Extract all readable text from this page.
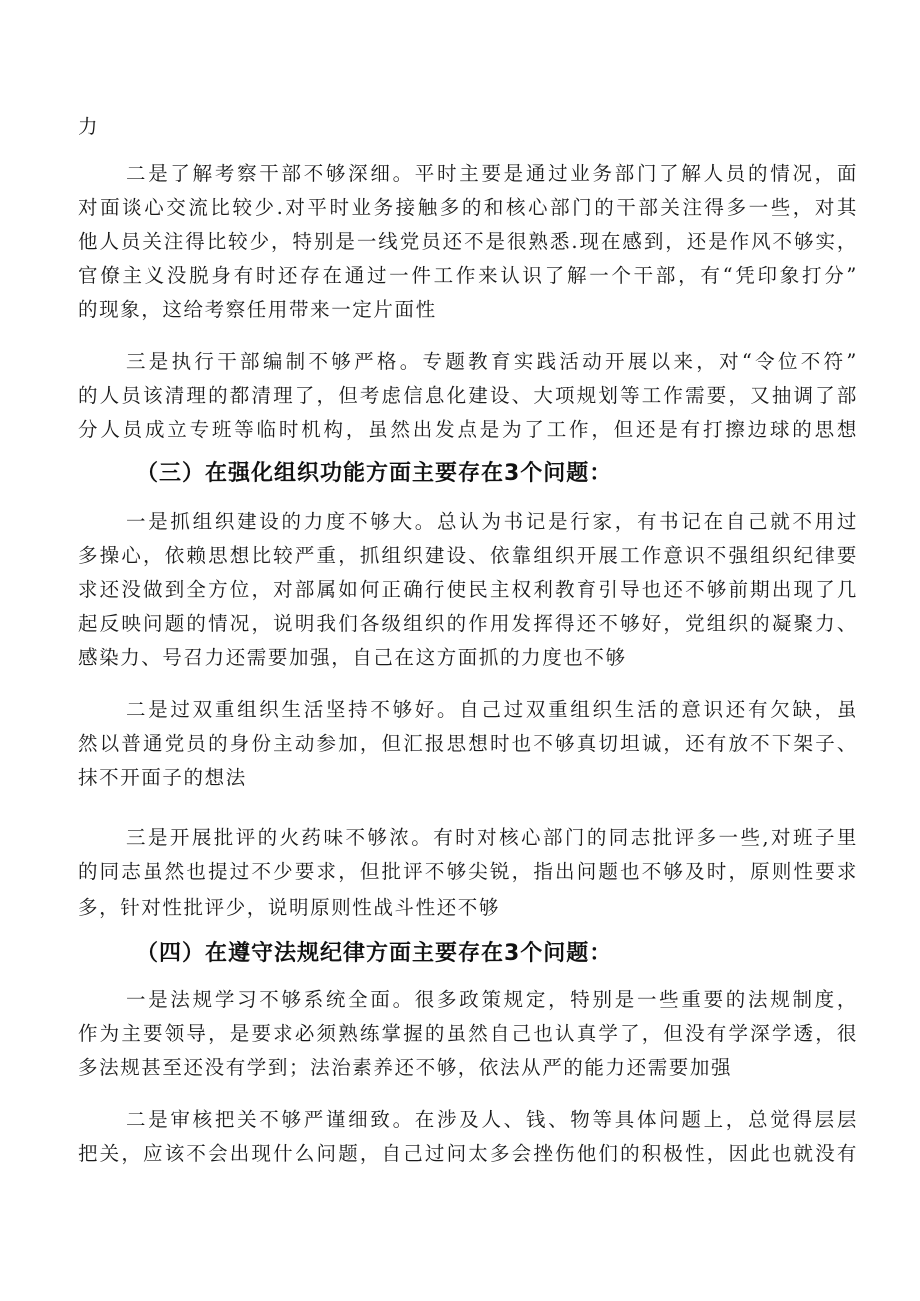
力
二是了解考察干部不够深细。平时主要是通过业务部门了解人员的情况，面
对面谈心交流比较少.对平时业务接触多的和核心部门的干部关注得多一些，对其
他人员关注得比较少，特别是一线党员还不是很熟悉.现在感到，还是作风不够实，
官僚主义没脱身有时还存在通过一件工作来认识了解一个干部，有“凭印象打分”
的现象，这给考察任用带来一定片面性
三是执行干部编制不够严格。专题教育实践活动开展以来，对“令位不符”
的人员该清理的都清理了，但考虑信息化建设、大项规划等工作需要，又抽调了部
分人员成立专班等临时机构，虽然出发点是为了工作，但还是有打擦边球的思想
（三）在强化组织功能方面主要存在3个问题：
一是抓组织建设的力度不够大。总认为书记是行家，有书记在自己就不用过
多操心，依赖思想比较严重，抓组织建设、依靠组织开展工作意识不强组织纪律要
求还没做到全方位，对部属如何正确行使民主权利教育引导也还不够前期出现了几
起反映问题的情况，说明我们各级组织的作用发挥得还不够好，党组织的凝聚力、
感染力、号召力还需要加强，自己在这方面抓的力度也不够
二是过双重组织生活坚持不够好。自己过双重组织生活的意识还有欠缺，虽
然以普通党员的身份主动参加，但汇报思想时也不够真切坦诚，还有放不下架子、
抹不开面子的想法
三是开展批评的火药味不够浓。有时对核心部门的同志批评多一些,对班子里
的同志虽然也提过不少要求，但批评不够尖锐，指出问题也不够及时，原则性要求
多，针对性批评少，说明原则性战斗性还不够
（四）在遵守法规纪律方面主要存在3个问题：
一是法规学习不够系统全面。很多政策规定，特别是一些重要的法规制度，
作为主要领导，是要求必须熟练掌握的虽然自己也认真学了，但没有学深学透，很
多法规甚至还没有学到；法治素养还不够，依法从严的能力还需要加强
二是审核把关不够严谨细致。在涉及人、钱、物等具体问题上，总觉得层层
把关，应该不会出现什么问题，自己过问太多会挫伤他们的积极性，因此也就没有
